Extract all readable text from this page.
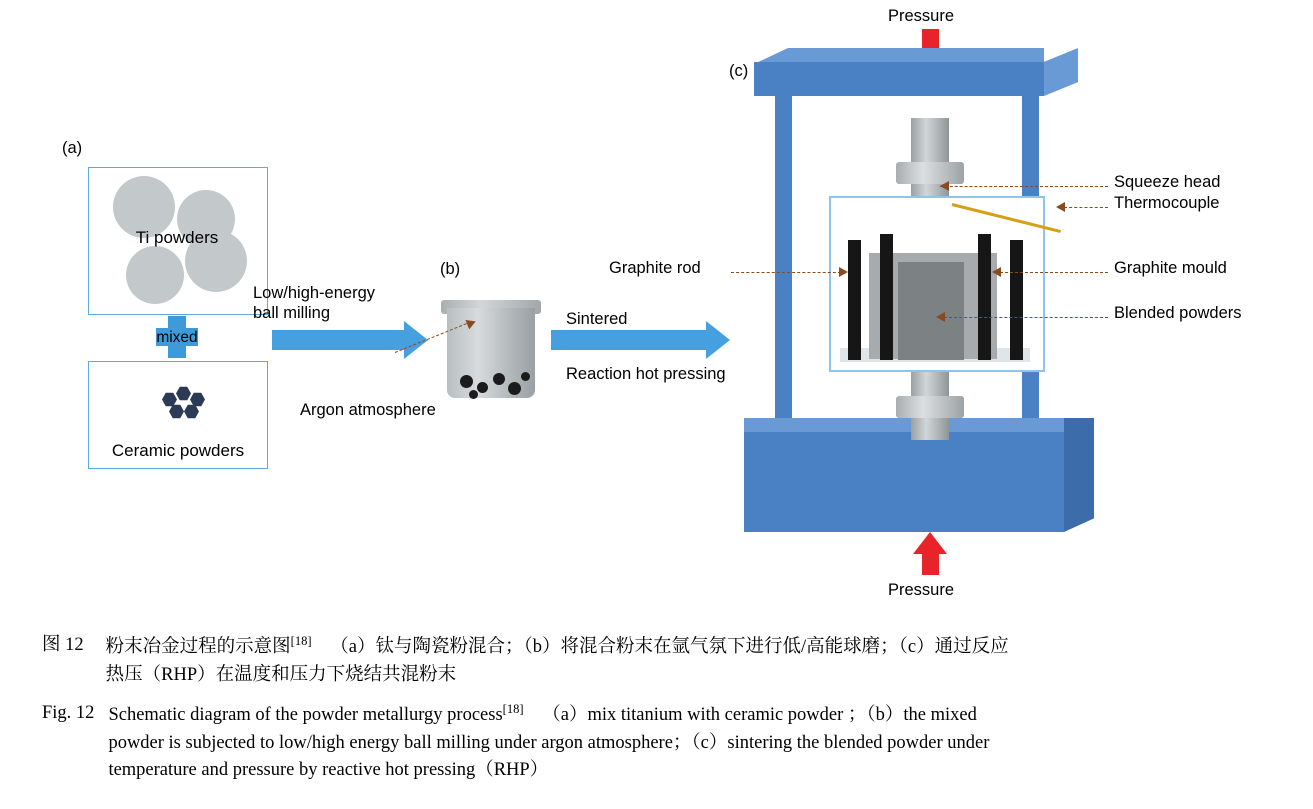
(a)
Ti powders
mixed
Ceramic powders
Low/high-energy
ball milling
(b)
Argon atmosphere
Sintered
Reaction hot pressing
(c)
Pressure
Pressure
Squeeze head
Thermocouple
Graphite mould
Blended powders
Graphite rod
图 12	粉末冶金过程的示意图[18] （a）钛与陶瓷粉混合；（b）将混合粉末在氩气氛下进行低/高能球磨；（c）通过反应
热压（RHP）在温度和压力下烧结共混粉末
Fig. 12 Schematic diagram of the powder metallurgy process[18] （a）mix titanium with ceramic powder ；（b）the mixed
powder is subjected to low/high energy ball milling under argon atmosphere；（c）sintering the blended powder under
temperature and pressure by reactive hot pressing（RHP）
